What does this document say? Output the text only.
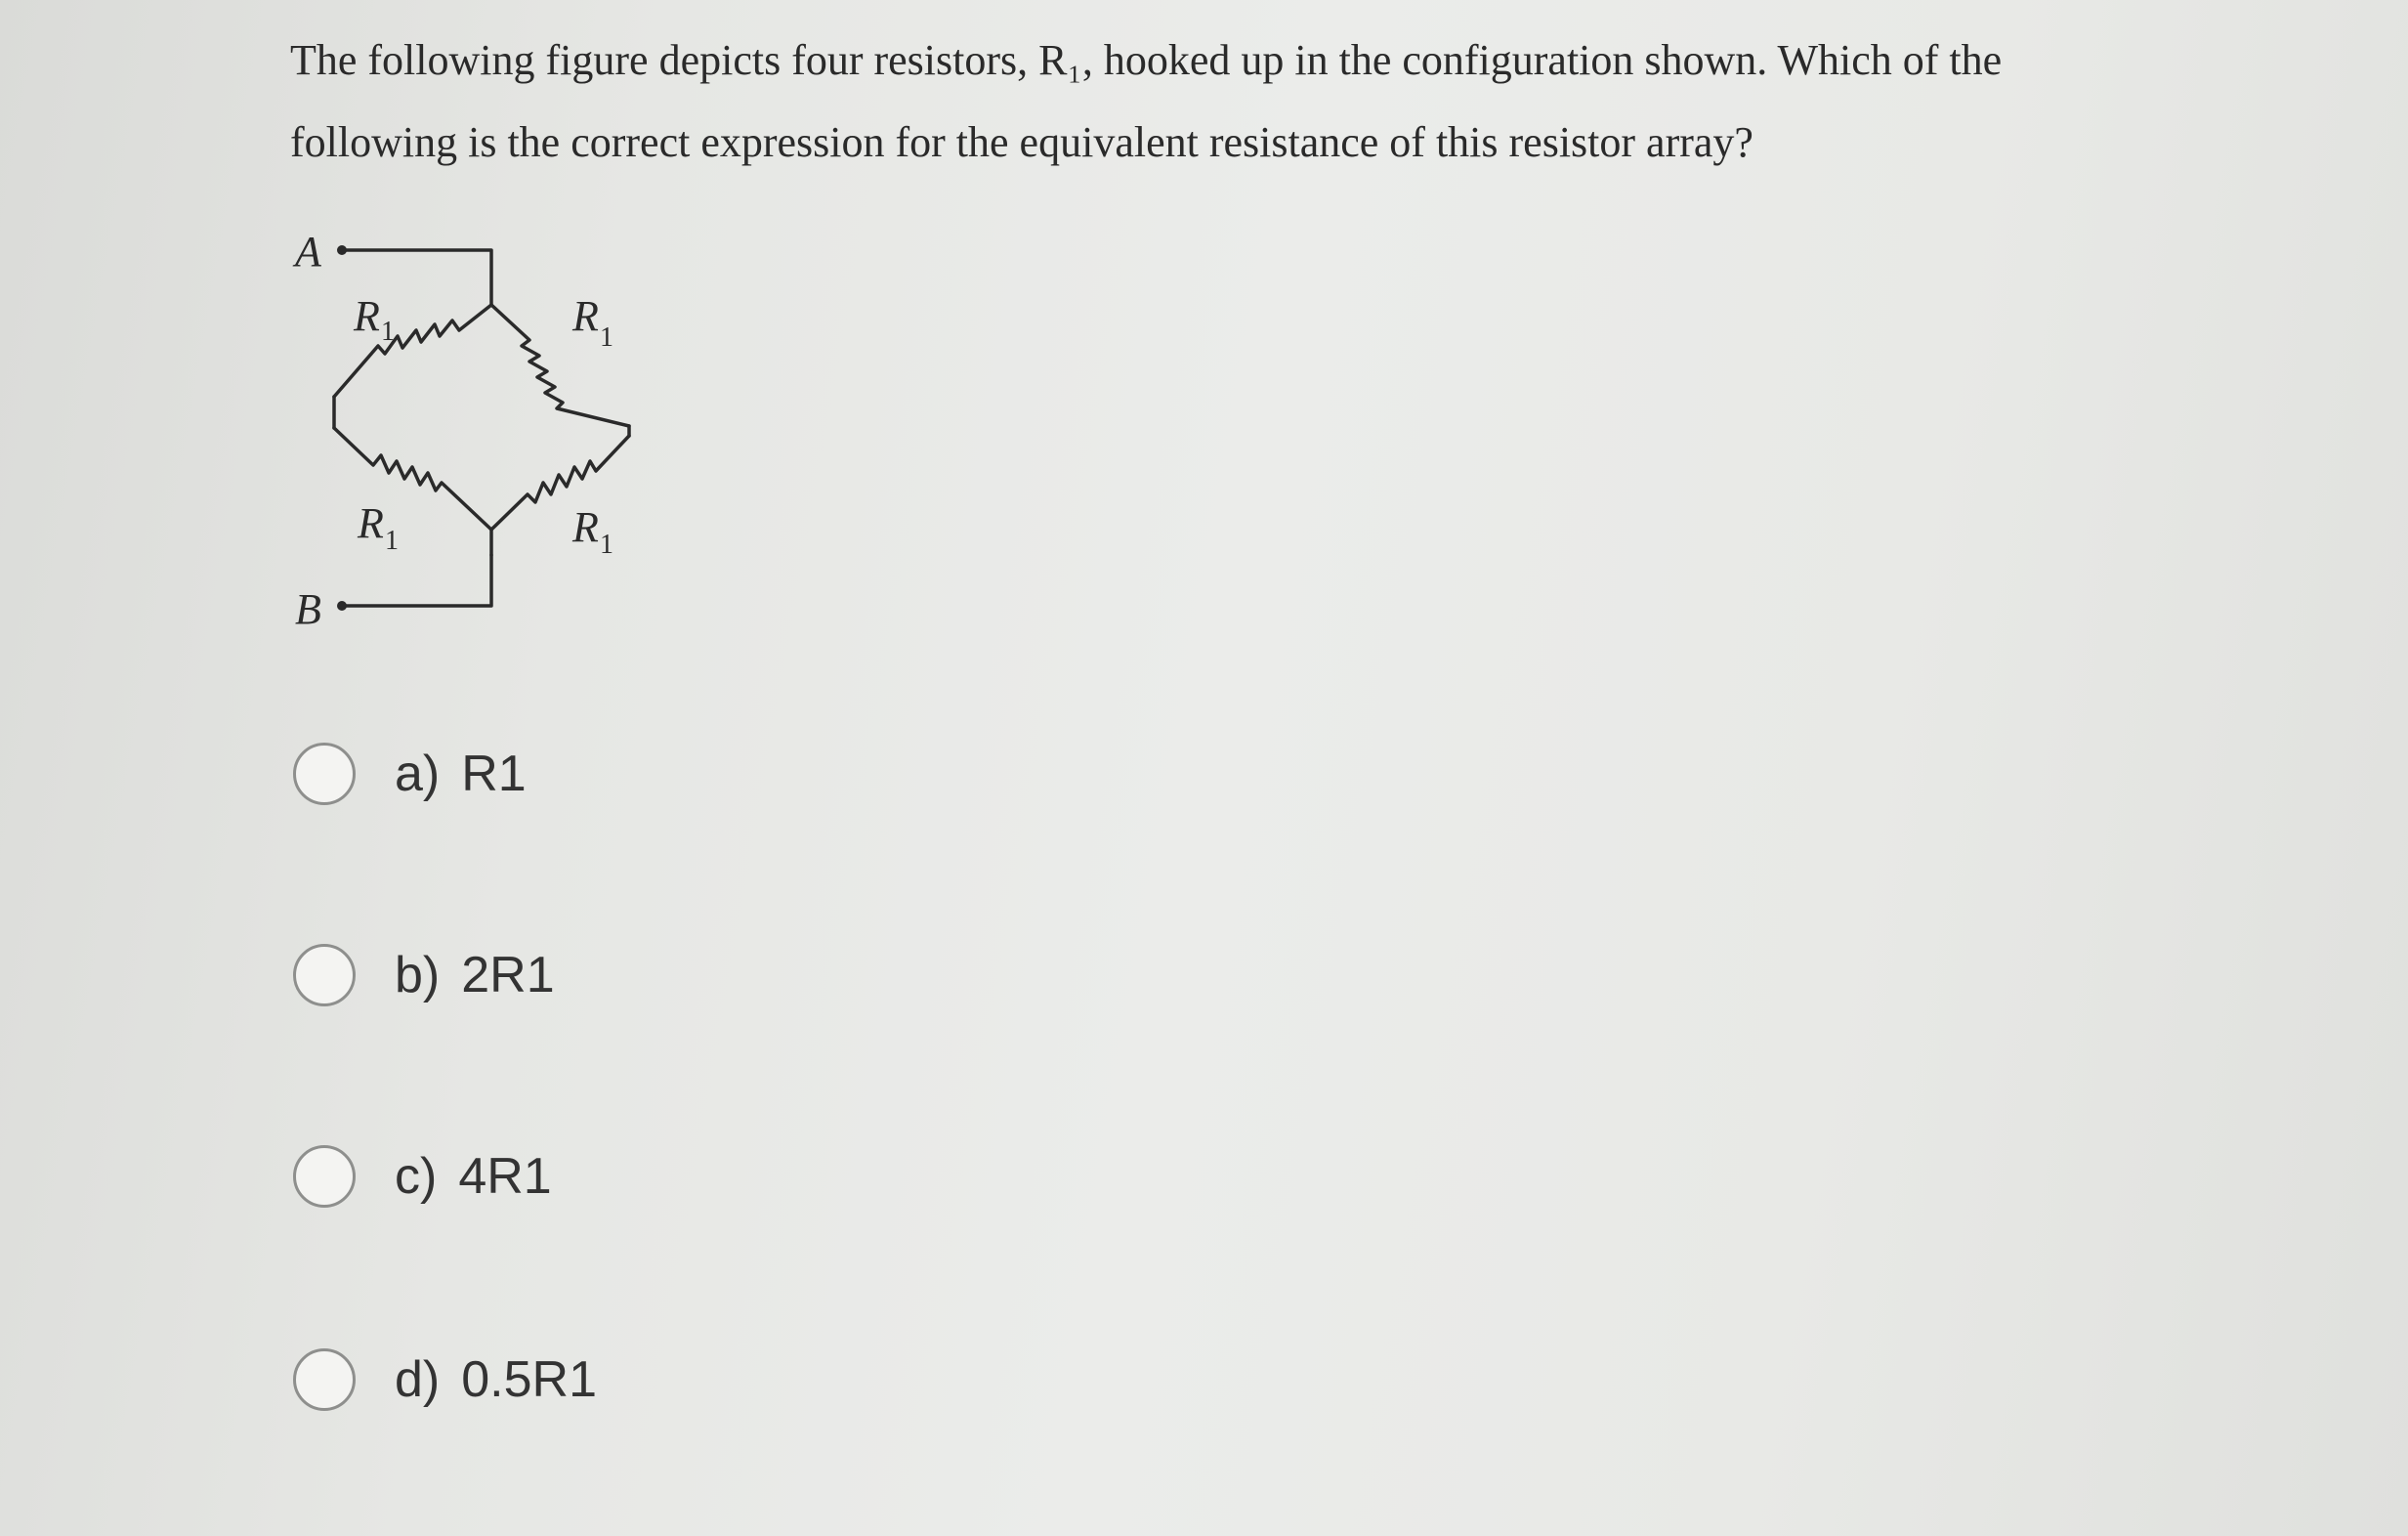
The following figure depicts four resistors, R₁, hooked up in the configuration shown. Which of the
following is the correct expression for the equivalent resistance of this resistor array?
A
B
R 1	R 1
R 1	R 1
a) R1
b) 2R1
c) 4R1
d) 0.5R1
